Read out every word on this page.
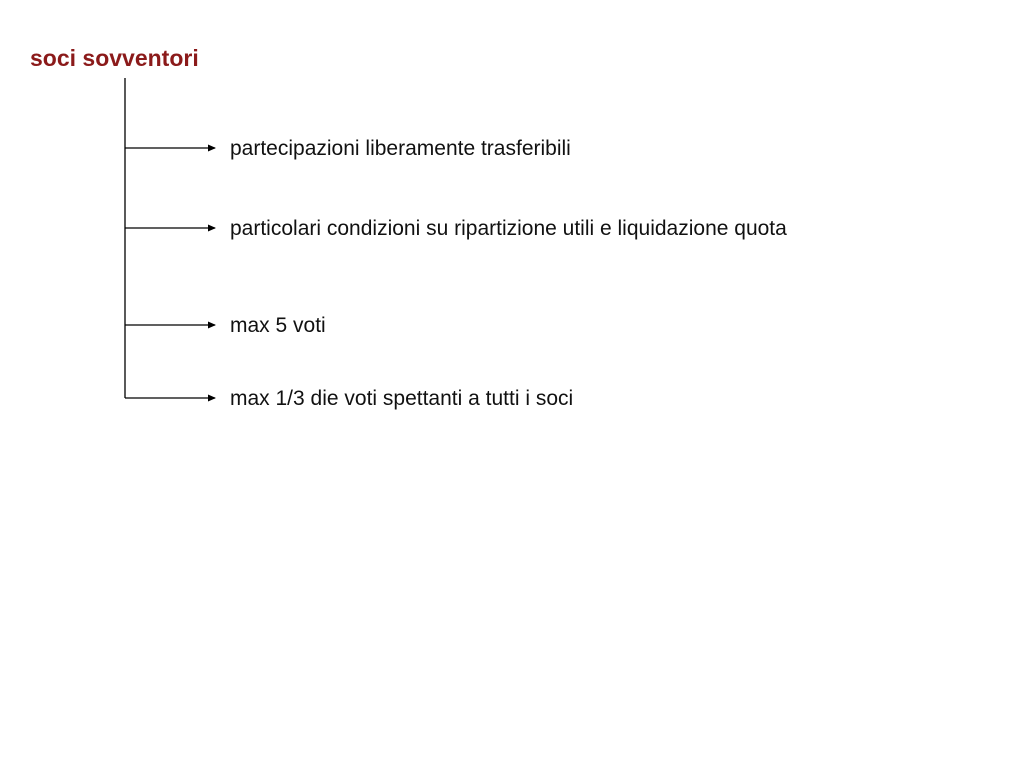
soci sovventori
partecipazioni liberamente trasferibili
particolari condizioni su ripartizione utili e liquidazione quota
max 5 voti
max 1/3 die voti spettanti a tutti i soci
